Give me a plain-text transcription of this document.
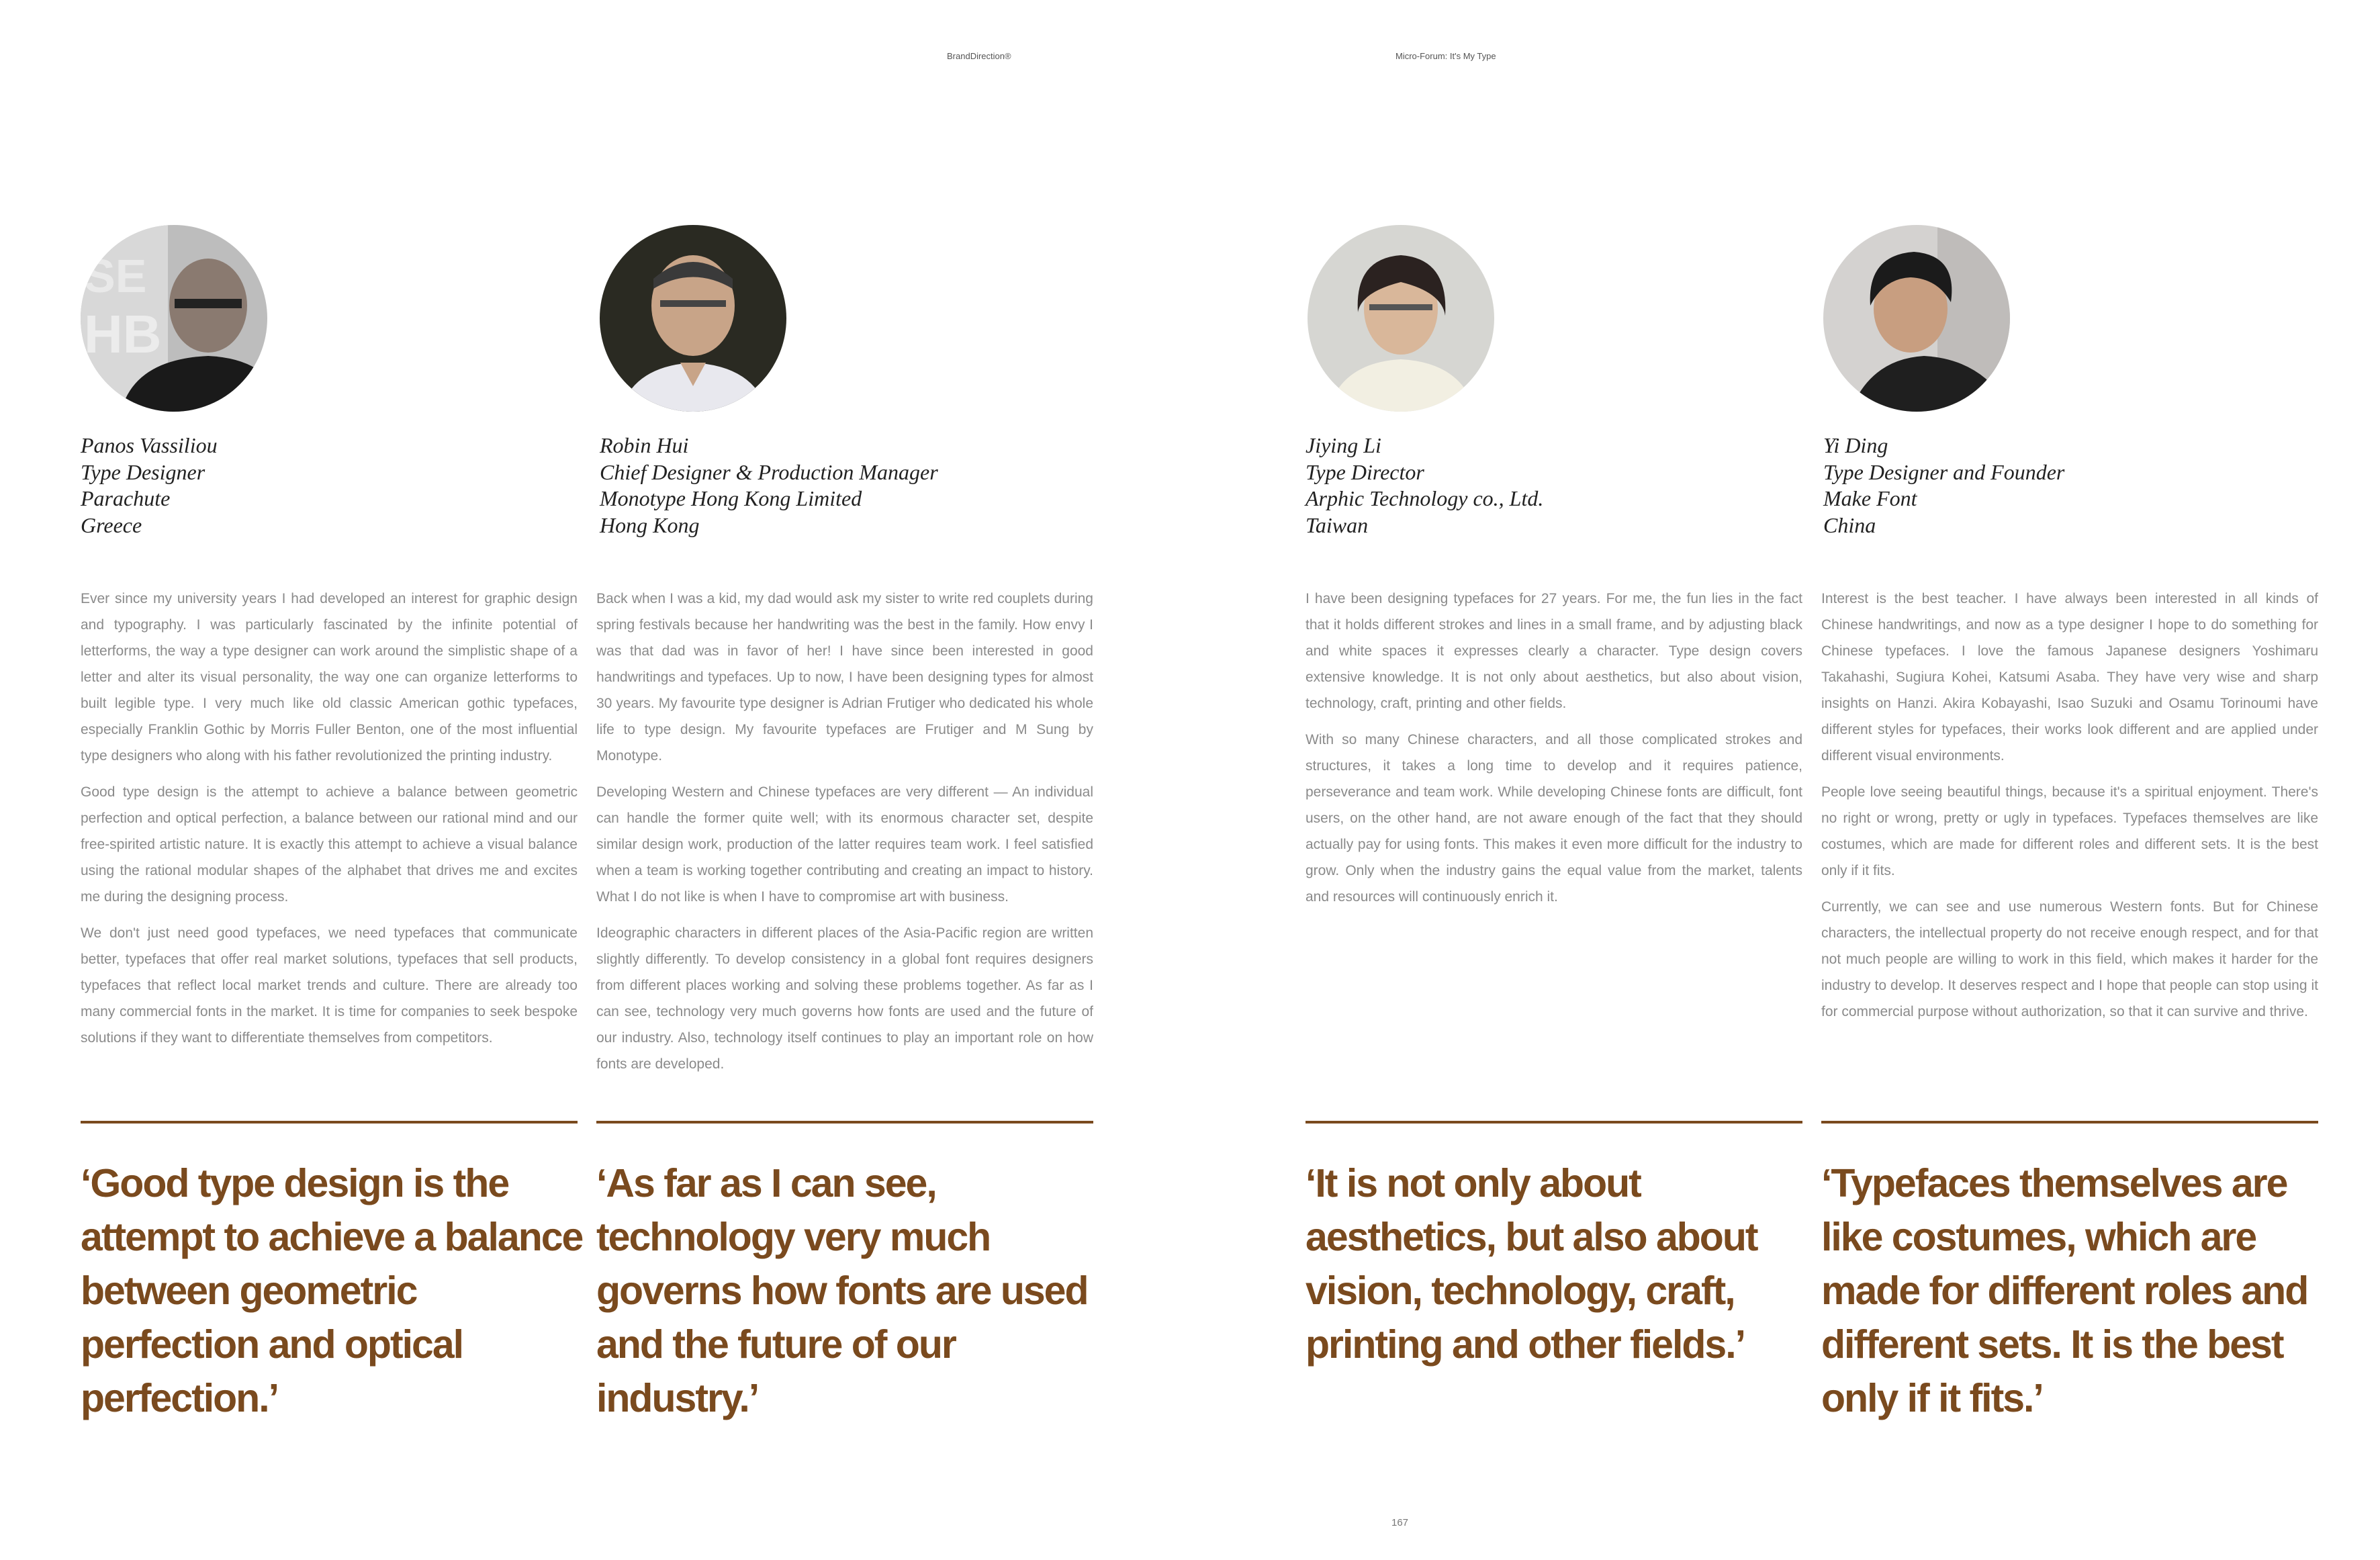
BrandDirection®	Micro-Forum: It's My Type
SE
HB
Panos Vassiliou
Type Designer
Parachute
Greece

Ever since my university years I had developed an interest for graphic design and typography. I was particularly fascinated by the infinite potential of letterforms, the way a type designer can work around the simplistic shape of a letter and alter its visual personality, the way one can organize letterforms to built legible type. I very much like old classic American gothic typefaces, especially Franklin Gothic by Morris Fuller Benton, one of the most influential type designers who along with his father revolutionized the printing industry.

Good type design is the attempt to achieve a balance between geometric perfection and optical perfection, a balance between our rational mind and our free-spirited artistic nature. It is exactly this attempt to achieve a visual balance using the rational modular shapes of the alphabet that drives me and excites me during the designing process.

We don't just need good typefaces, we need typefaces that communicate better, typefaces that offer real market solutions, typefaces that sell products, typefaces that reflect local market trends and culture. There are already too many commercial fonts in the market. It is time for companies to seek bespoke solutions if they want to differentiate themselves from competitors.

‘Good type design is the attempt to achieve a balance between geometric perfection and optical perfection.’
Robin Hui
Chief Designer & Production Manager
Monotype Hong Kong Limited
Hong Kong

Back when I was a kid, my dad would ask my sister to write red couplets during spring festivals because her handwriting was the best in the family. How envy I was that dad was in favor of her! I have since been interested in good handwritings and typefaces. Up to now, I have been designing types for almost 30 years. My favourite type designer is Adrian Frutiger who dedicated his whole life to type design. My favourite typefaces are Frutiger and M Sung by Monotype.

Developing Western and Chinese typefaces are very different — An individual can handle the former quite well; with its enormous character set, despite similar design work, production of the latter requires team work. I feel satisfied when a team is working together contributing and creating an impact to history. What I do not like is when I have to compromise art with business.

Ideographic characters in different places of the Asia-Pacific region are written slightly differently. To develop consistency in a global font requires designers from different places working and solving these problems together. As far as I can see, technology very much governs how fonts are used and the future of our industry. Also, technology itself continues to play an important role on how fonts are developed.

‘As far as I can see, technology very much governs how fonts are used and the future of our industry.’
Jiying Li
Type Director
Arphic Technology co., Ltd.
Taiwan

I have been designing typefaces for 27 years. For me, the fun lies in the fact that it holds different strokes and lines in a small frame, and by adjusting black and white spaces it expresses clearly a character. Type design covers extensive knowledge. It is not only about aesthetics, but also about vision, technology, craft, printing and other fields.

With so many Chinese characters, and all those complicated strokes and structures, it takes a long time to develop and it requires patience, perseverance and team work. While developing Chinese fonts are difficult, font users, on the other hand, are not aware enough of the fact that they should actually pay for using fonts. This makes it even more difficult for the industry to grow. Only when the industry gains the equal value from the market, talents and resources will continuously enrich it.

‘It is not only about aesthetics, but also about vision, technology, craft, printing and other fields.’
Yi Ding
Type Designer and Founder
Make Font
China

Interest is the best teacher. I have always been interested in all kinds of Chinese handwritings, and now as a type designer I hope to do something for Chinese typefaces. I love the famous Japanese designers Yoshimaru Takahashi, Sugiura Kohei, Katsumi Asaba. They have very wise and sharp insights on Hanzi. Akira Kobayashi, Isao Suzuki and Osamu Torinoumi have different styles for typefaces, their works look different and are applied under different visual environments.

People love seeing beautiful things, because it's a spiritual enjoyment. There's no right or wrong, pretty or ugly in typefaces. Typefaces themselves are like costumes, which are made for different roles and different sets. It is the best only if it fits.

Currently, we can see and use numerous Western fonts. But for Chinese characters, the intellectual property do not receive enough respect, and for that not much people are willing to work in this field, which makes it harder for the industry to develop. It deserves respect and I hope that people can stop using it for commercial purpose without authorization, so that it can survive and thrive.

‘Typefaces themselves are like costumes, which are made for different roles and different sets. It is the best only if it fits.’
167
